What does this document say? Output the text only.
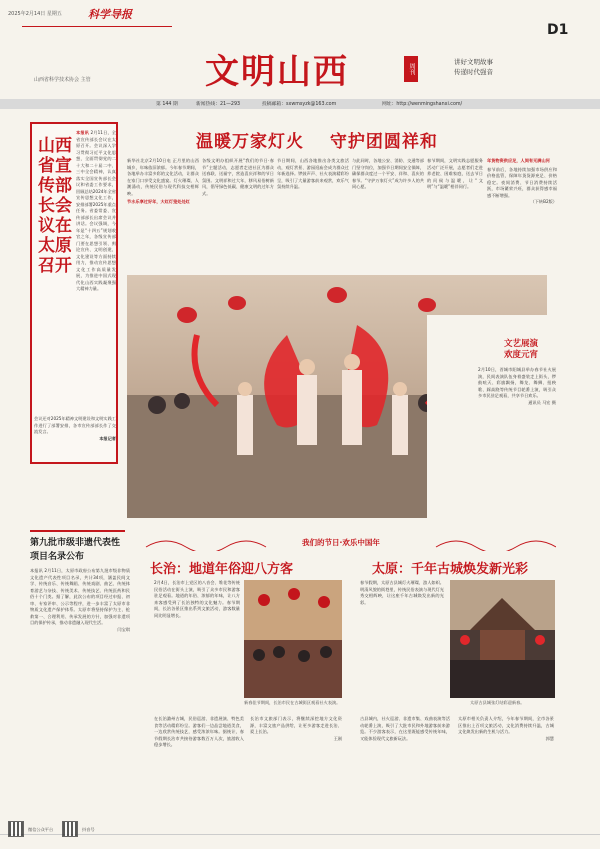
2025年2月14日 星期五 科学导报
山西省科学技术协会 主管	文明山西	周刊
讲好文明故事
传递时代强音
D1
第 144 期	新闻热线：21—293	投稿邮箱：sxwmsyzk@163.com	网址：http://wenmingshanxi.com/
山西省宣传部长会议在太原召开
本报讯 2月11日，全省宣传部长会议在太原召开。会议深入学习贯彻习近平文化思想，全面贯彻党的二十大和二十届二中、三中全会精神，认真落实全国宣传部长会议和省委工作要求，回顾总结2024年全省宣传思想文化工作，安排部署2025年重点任务。省委常委、宣传部部长出席会议并讲话。会议强调，今年是“十四五”规划收官之年，各级宣传部门要在思想引领、舆论宣传、文明创建、文化建设等方面持续用力，推动宣传思想文化工作高质量发展，为推进中国式现代化山西实践凝聚强大精神力量。
会议还对2025年精神文明建设和文明实践工作进行了部署安排，各市宣传部部长作了交流发言。
本报记者
第九批市级非遗代表性项目名录公布
本报讯 2月11日，太原市政府公布第九批市级非物质文化遗产代表性项目名录，共计34项，涵盖民间文学、传统音乐、传统舞蹈、传统戏剧、曲艺、传统体育游艺与杂技、传统美术、传统技艺、传统医药和民俗十个门类。据了解，此次公布的项目经过申报、初审、专家评审、公示等程序，进一步丰富了太原市非物质文化遗产保护体系。太原市将坚持保护为主、抢救第一、合理利用、传承发展的方针，加强对非遗项目的保护传承，推动非遗融入现代生活。
闫宝琪
温暖万家灯火 守护团圆祥和
新华社北京2月10日电 正月里的山西城乡，年味依旧浓郁。今年春节期间，各地举办丰富多彩的文化活动，让群众在家门口享受文化盛宴。灯火璀璨、人潮涌动，传统民俗与现代科技交相辉映。
节水乐享过好年，大红灯笼处处红
各级文明办组织开展“我们的节日·春节”主题活动，志愿者走进社区为群众送春联、送福字，营造喜庆祥和的节日氛围。文明祥和过大年，移风易俗树新风，倡导绿色低碳、健康文明的过年方式。
节日期间，山西各地推出各类文旅活动，观灯赏景、游园逛庙会成为群众过年新选择。锣鼓声声、社火表演精彩纷呈，吸引了大量游客前来观赏，欢乐气氛持续升温。
与此同时，各地公安、消防、交通等部门坚守岗位，加强节日期间安全保障，确保群众度过一个平安、祥和、喜庆的春节。“守护万家灯火”成为许多人的共同心愿。
春节期间，文明实践志愿服务活动广泛开展，志愿者们走进养老院、困难家庭，送去节日的问候与温暖，让“文明”与“温暖”相伴同行。
年货物资供应足，人间有无满山河
春节前后，各地持续加强市场供应和价格监管，保障年货货源充足、价格稳定。夜间消费、节日消费持续活跃，市场繁荣兴旺，群众获得感幸福感不断增强。
（下转B2版）
文艺展演
欢度元宵
2月10日，晋城市阳城县举办春节社火展演，民间表演队伍身着盛装走上街头，锣鼓喧天、彩旗飘扬，舞龙、舞狮、扭秧歌、踩高跷等传统节目轮番上演，吸引众多市民驻足观看，共享节日欢乐。
通讯员 马宏 摄
我们的节日·欢乐中国年
长治：地道年俗迎八方客
2月4日，长治市上党区的八音会、堆花等传统民俗活动在街头上演，吸引了众多市民和游客驻足观看。地道的年俗、浓郁的年味，让八方来客感受到了长治独特的文化魅力。春节期间，长治各景区推出系列文旅活动，游客数量同比明显增长。
新春佳节期间，长治市民在古城街区观看社火表演。
在长治潞州古城，民俗巡游、非遗展演、特色美食等活动精彩纷呈。游客们一边品尝地道美食，一边欣赏传统技艺，感受浓浓年味。据统计，春节假期长治市共接待游客数百万人次，旅游收入稳步增长。
长治市文旅部门表示，将继续深挖地方文化资源，丰富文旅产品供给，让更多游客走进长治、爱上长治。
王刚
太原：千年古城焕发新光彩
春节假期，太原古县城灯火璀璨、游人如织。明清风貌的街巷里，传统民俗表演与现代灯光秀交相辉映，让这座千年古城焕发出新的光彩。
太原古县城张灯结彩迎新春。
古县城内，社火巡游、非遗市集、戏曲表演等活动轮番上演，吸引了大批市民和外地游客前来游览。不少游客表示，在这里既能感受传统年味，又能体验现代文旅新玩法。
太原市相关负责人介绍，今年春节期间，全市各景区推出上百项文旅活动，文化消费持续升温，古城文化焕发出新的生机与活力。
郭慧
微信公众平台	抖音号
